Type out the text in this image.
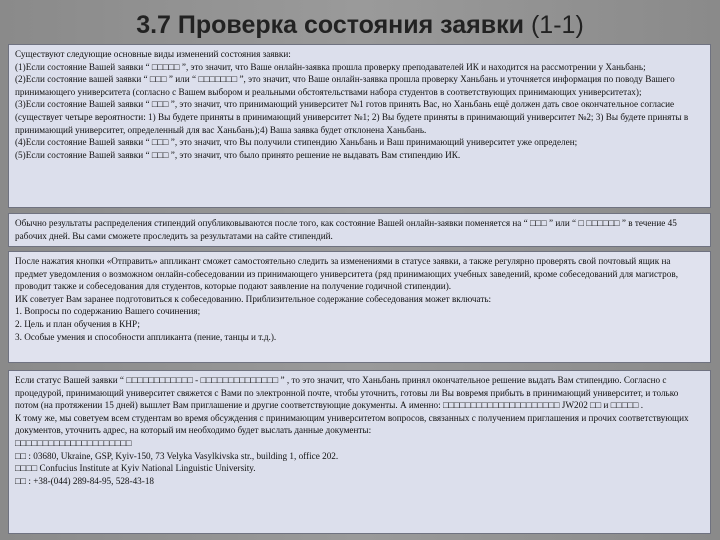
3.7 Проверка состояния заявки (1-1)

Существуют следующие основные виды изменений состояния заявки:

(1)Если состояние Вашей заявки “ □□□□□ ”, это значит, что Ваше онлайн-заявка прошла проверку преподавателей ИК и находится на рассмотрении у Ханьбань;

(2)Если состояние вашей заявки “ □□□ ” или “ □□□□□□□ ”, это значит, что Ваше онлайн-заявка прошла проверку Ханьбань и уточняется информация по поводу Вашего принимающего университета (согласно с Вашем выбором и реальными обстоятельствами набора студентов в соответствующих принимающих университетах);

(3)Если состояние Вашей заявки “ □□□ ”, это значит, что принимающий университет №1 готов принять Вас, но Ханьбань ещё должен дать свое окончательное согласие (существует четыре вероятности: 1) Вы будете приняты в принимающий университет №1; 2) Вы будете приняты в принимающий университет №2; 3) Вы будете приняты в принимающий университет, определенный для вас Ханьбань);4) Ваша заявка будет отклонена Ханьбань.

(4)Если состояние Вашей заявки “ □□□ ”, это значит, что Вы получили стипендию Ханьбань и Ваш принимающий университет уже определен;

(5)Если состояние Вашей заявки “ □□□ ”, это значит, что было принято решение не выдавать Вам стипендию ИК.

Обычно результаты распределения стипендий опубликовываются после того, как состояние Вашей онлайн-заявки поменяется на “ □□□ ” или “ □ □□□□□□ ” в течение 45 рабочих дней. Вы сами сможете проследить за результатами на сайте стипендий.

После нажатия кнопки «Отправить» аппликант сможет самостоятельно следить за изменениями в статусе заявки, а также регулярно проверять свой почтовый ящик на предмет уведомления о возможном онлайн-собеседовании из принимающего университета (ряд принимающих учебных заведений, кроме собеседований для магистров, проводит также и собеседования для студентов, которые подают заявление на получение годичной стипендии).

ИК советует Вам заранее подготовиться к собеседованию. Приблизительное содержание собеседования может включать:

1. Вопросы по содержанию Вашего сочинения;

2. Цель и план обучения в КНР;

3. Особые умения и способности аппликанта (пение, танцы и т.д.).

Если статус Вашей заявки “ □□□□□□□□□□□□ - □□□□□□□□□□□□□□ ” , то это значит, что Ханьбань принял окончательное решение выдать Вам стипендию. Согласно с процедурой, принимающий университет свяжется с Вами по электронной почте, чтобы уточнить, готовы ли Вы вовремя прибыть в принимающий университет, и только потом (на протяжении 15 дней) вышлет Вам приглашение и другие соответствующие документы. А именно: □□□□□□□□□□□□□□□□□□□□□ JW202 □□ и □□□□□ .

К тому же, мы советуем всем студентам во время обсуждения с принимающим университетом вопросов, связанных с получением приглашения и прочих соответствующих документов, уточнить адрес, на который им необходимо будет выслать данные документы:

□□□□□□□□□□□□□□□□□□□□□

□□ : 03680, Ukraine, GSP, Kyiv-150, 73 Velyka Vasylkivska str., building 1, office 202.

□□□□ Confucius Institute at Kyiv National Linguistic University.

□□ : +38-(044) 289-84-95, 528-43-18
